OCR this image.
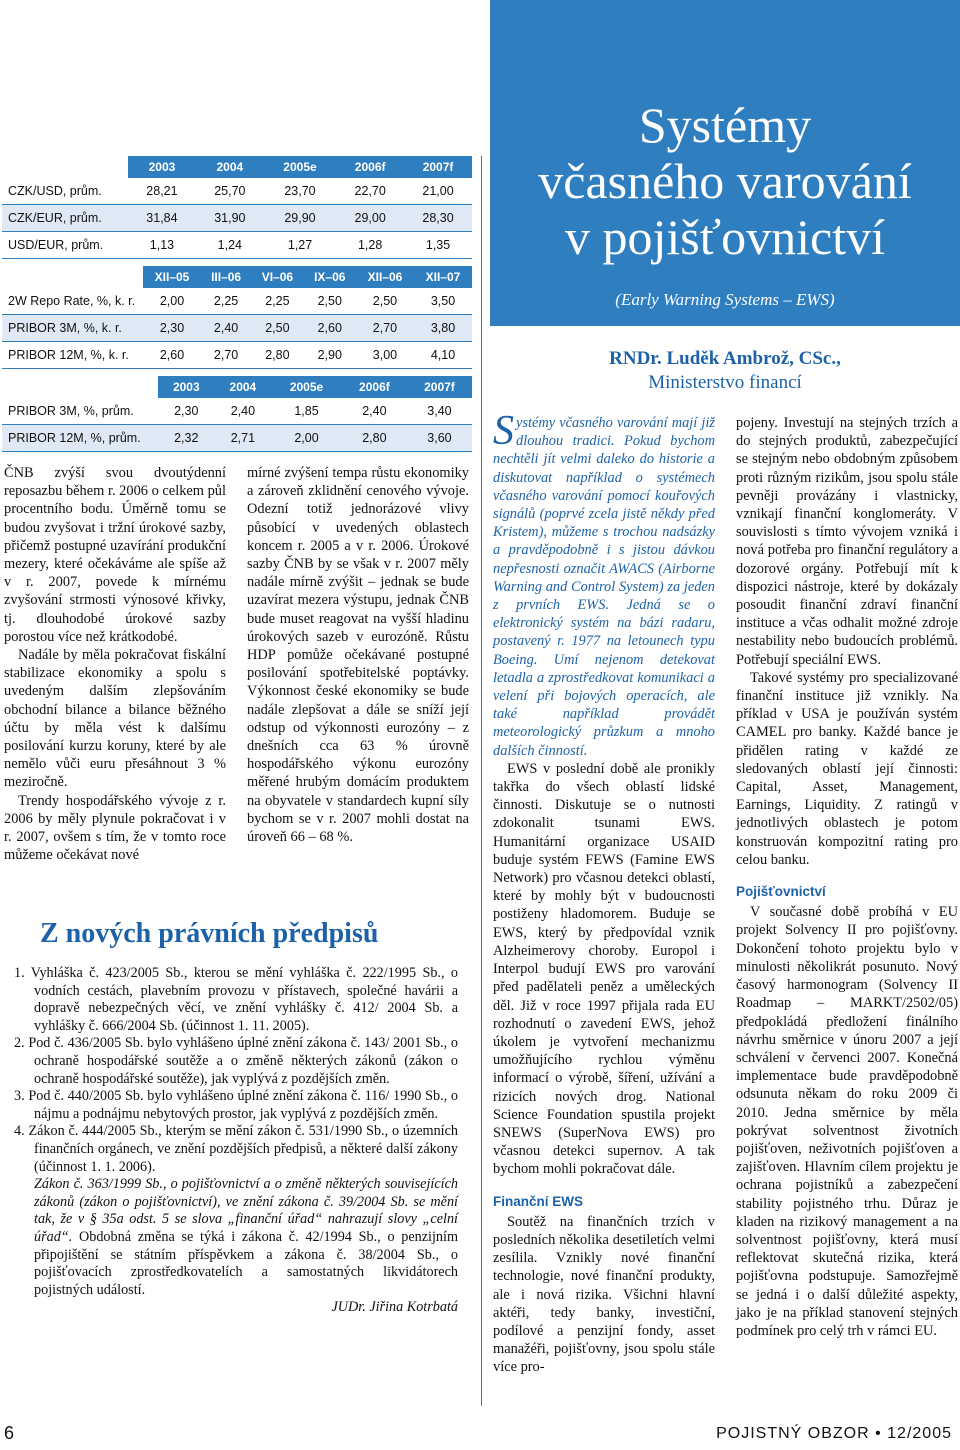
	2003	2004	2005e	2006f	2007f
CZK/USD, prům.	28,21	25,70	23,70	22,70	21,00
CZK/EUR, prům.	31,84	31,90	29,90	29,00	28,30
USD/EUR, prům.	1,13	1,24	1,27	1,28	1,35
	XII–05	III–06	VI–06	IX–06	XII–06	XII–07
2W Repo Rate, %, k. r.	2,00	2,25	2,25	2,50	2,50	3,50
PRIBOR 3M, %, k. r.	2,30	2,40	2,50	2,60	2,70	3,80
PRIBOR 12M, %, k. r.	2,60	2,70	2,80	2,90	3,00	4,10
	2003	2004	2005e	2006f	2007f
PRIBOR 3M, %, prům.	2,30	2,40	1,85	2,40	3,40
PRIBOR 12M, %, prům.	2,32	2,71	2,00	2,80	3,60

ČNB zvýší svou dvoutýdenní reposazbu během r. 2006 o celkem půl procentního bodu. Úměrně tomu se budou zvyšovat i tržní úrokové sazby, přičemž postupné uzavírání produkční mezery, které očekáváme ale spíše až v r. 2007, povede k mírnému zvyšování strmosti výnosové křivky, tj. dlouhodobé úrokové sazby porostou více než krátkodobé.

Nadále by měla pokračovat fiskální stabilizace ekonomiky a spolu s uvedeným dalším zlepšováním obchodní bilance a bilance běžného účtu by měla vést k dalšímu posilování kurzu koruny, které by ale nemělo vůči euru přesáhnout 3 % meziročně.

Trendy hospodářského vývoje z r. 2006 by měly plynule pokračovat i v r. 2007, ovšem s tím, že v tomto roce můžeme očekávat nové

mírné zvýšení tempa růstu ekonomiky a zároveň zklidnění cenového vývoje. Odezní totiž jednorázové vlivy působící v uvedených oblastech koncem r. 2005 a v r. 2006. Úrokové sazby ČNB by se však v r. 2007 měly nadále mírně zvýšit – jednak se bude uzavírat mezera výstupu, jednak ČNB bude muset reagovat na vyšší hladinu úrokových sazeb v eurozóně. Růstu HDP pomůže očekávané postupné posilování spotřebitelské poptávky. Výkonnost české ekonomiky se bude nadále zlepšovat a dále se sníží její odstup od výkonnosti eurozóny – z dnešních cca 63 % úrovně hospodářského výkonu eurozóny měřené hrubým domácím produktem na obyvatele v standardech kupní síly bychom se v r. 2007 mohli dostat na úroveň 66 – 68 %.

Z nových právních předpisů

1. Vyhláška č. 423/2005 Sb., kterou se mění vyhláška č. 222/1995 Sb., o vodních cestách, plavebním provozu v přístavech, společné havárii a dopravě nebezpečných věcí, ve znění vyhlášky č. 412/ 2004 Sb. a vyhlášky č. 666/2004 Sb. (účinnost 1. 11. 2005).

2. Pod č. 436/2005 Sb. bylo vyhlášeno úplné znění zákona č. 143/ 2001 Sb., o ochraně hospodářské soutěže a o změně některých zákonů (zákon o ochraně hospodářské soutěže), jak vyplývá z pozdějších změn.

3. Pod č. 440/2005 Sb. bylo vyhlášeno úplné znění zákona č. 116/ 1990 Sb., o nájmu a podnájmu nebytových prostor, jak vyplývá z pozdějších změn.

4. Zákon č. 444/2005 Sb., kterým se mění zákon č. 531/1990 Sb., o územních finančních orgánech, ve znění pozdějších předpisů, a některé další zákony (účinnost 1. 1. 2006).

Zákon č. 363/1999 Sb., o pojišťovnictví a o změně některých souvisejících zákonů (zákon o pojišťovnictví), ve znění zákona č. 39/2004 Sb. se mění tak, že v § 35a odst. 5 se slova „finanční úřad“ nahrazují slovy „celní úřad“. Obdobná změna se týká i zákona č. 42/1994 Sb., o penzijním připojištění se státním příspěvkem a zákona č. 38/2004 Sb., o pojišťovacích zprostředkovatelích a samostatných likvidátorech pojistných událostí.

JUDr. Jiřina Kotrbatá

Systémy
včasného varování
v pojišťovnictví
(Early Warning Systems – EWS)
RNDr. Luděk Ambrož, CSc.,
Ministerstvo financí

Systémy včasného varování mají již dlouhou tradici. Pokud bychom nechtěli jít velmi daleko do historie a diskutovat například o systémech včasného varování pomocí kouřových signálů (poprvé zcela jistě někdy před Kristem), můžeme s trochou nadsázky a pravděpodobně i s jistou dávkou nepřesnosti označit AWACS (Airborne Warning and Control System) za jeden z prvních EWS. Jedná se o elektronický systém na bázi radaru, postavený r. 1977 na letounech typu Boeing. Umí nejenom detekovat letadla a zprostředkovat komunikaci a velení při bojových operacích, ale také například provádět meteorologický průzkum a mnoho dalších činností.

EWS v poslední době ale pronikly takřka do všech oblastí lidské činnosti. Diskutuje se o nutnosti zdokonalit tsunami EWS. Humanitární organizace USAID buduje systém FEWS (Famine EWS Network) pro včasnou detekci oblastí, které by mohly být v budoucnosti postiženy hladomorem. Buduje se EWS, který by předpovídal vznik Alzheimerovy choroby. Europol i Interpol budují EWS pro varování před padělateli peněz a uměleckých děl. Již v roce 1997 přijala rada EU rozhodnutí o zavedení EWS, jehož úkolem je vytvoření mechanizmu umožňujícího rychlou výměnu informací o výrobě, šíření, užívání a rizicích nových drog. National Science Foundation spustila projekt SNEWS (SuperNova EWS) pro včasnou detekci supernov. A tak bychom mohli pokračovat dále.

Finanční EWS

Soutěž na finančních trzích v posledních několika desetiletích velmi zesílila. Vznikly nové finanční technologie, nové finanční produkty, ale i nová rizika. Všichni hlavní aktéři, tedy banky, investiční, podílové a penzijní fondy, asset manažéři, pojišťovny, jsou spolu stále více pro-

pojeny. Investují na stejných trzích a do stejných produktů, zabezpečující se stejným nebo obdobným způsobem proti různým rizikům, jsou spolu stále pevněji provázány i vlastnicky, vznikají finanční konglomeráty. V souvislosti s tímto vývojem vzniká i nová potřeba pro finanční regulátory a dozorové orgány. Potřebují mít k dispozici nástroje, které by dokázaly posoudit finanční zdraví finanční instituce a včas odhalit možné zdroje nestability nebo budoucích problémů. Potřebují speciální EWS.

Takové systémy pro specializované finanční instituce již vznikly. Na příklad v USA je používán systém CAMEL pro banky. Každé bance je přidělen rating v každé ze sledovaných oblastí její činnosti: Capital, Asset, Management, Earnings, Liquidity. Z ratingů v jednotlivých oblastech je potom konstruován kompozitní rating pro celou banku.

Pojišťovnictví

V současné době probíhá v EU projekt Solvency II pro pojišťovny. Dokončení tohoto projektu bylo v minulosti několikrát posunuto. Nový časový harmonogram (Solvency II Roadmap – MARKT/2502/05) předpokládá předložení finálního návrhu směrnice v únoru 2007 a její schválení v červenci 2007. Konečná implementace bude pravděpodobně odsunuta někam do roku 2009 či 2010. Jedna směrnice by měla pokrývat solventnost životních pojišťoven, neživotních pojišťoven a zajišťoven. Hlavním cílem projektu je ochrana pojistníků a zabezpečení stability pojistného trhu. Důraz je kladen na rizikový management a na solventnost pojišťovny, která musí reflektovat skutečná rizika, která pojišťovna podstupuje. Samozřejmě se jedná i o další důležité aspekty, jako je na příklad stanovení stejných podmínek pro celý trh v rámci EU.

6	POJISTNÝ OBZOR • 12/2005
